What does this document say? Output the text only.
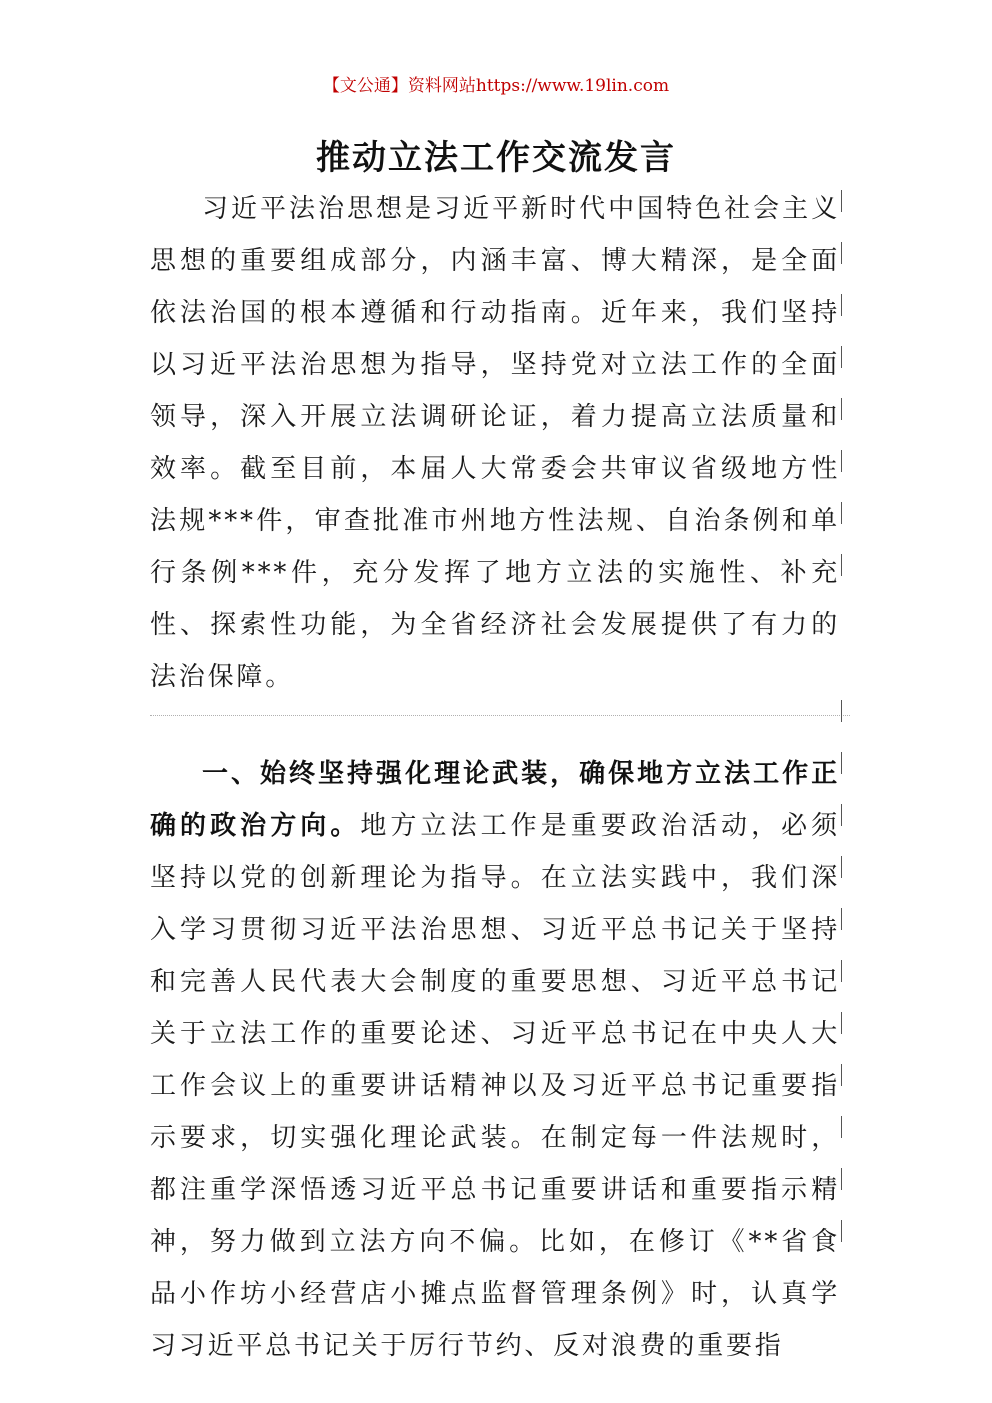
【文公通】资料网站https://www.19lin.com
推动立法工作交流发言

习近平法治思想是习近平新时代中国特色社会主义思想的重要组成部分，内涵丰富、博大精深，是全面依法治国的根本遵循和行动指南。近年来，我们坚持以习近平法治思想为指导，坚持党对立法工作的全面领导，深入开展立法调研论证，着力提高立法质量和效率。截至目前，本届人大常委会共审议省级地方性法规***件，审查批准市州地方性法规、自治条例和单行条例***件，充分发挥了地方立法的实施性、补充性、探索性功能，为全省经济社会发展提供了有力的法治保障。

一、始终坚持强化理论武装，确保地方立法工作正确的政治方向。地方立法工作是重要政治活动，必须坚持以党的创新理论为指导。在立法实践中，我们深入学习贯彻习近平法治思想、习近平总书记关于坚持和完善人民代表大会制度的重要思想、习近平总书记关于立法工作的重要论述、习近平总书记在中央人大工作会议上的重要讲话精神以及习近平总书记重要指示要求，切实强化理论武装。在制定每一件法规时，都注重学深悟透习近平总书记重要讲话和重要指示精神，努力做到立法方向不偏。比如，在修订《**省食品小作坊小经营店小摊点监督管理条例》时，认真学习习近平总书记关于厉行节约、反对浪费的重要指
